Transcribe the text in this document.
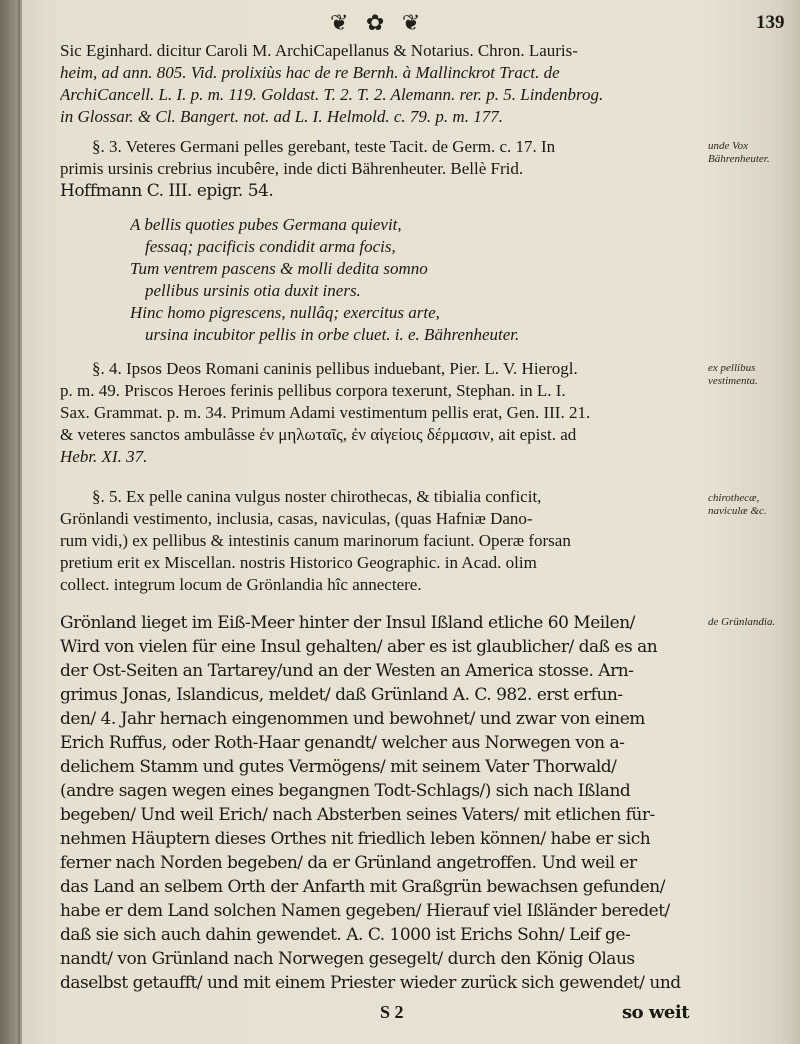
❦ ✿ ❦	139
Sic Eginhard. dicitur Caroli M. ArchiCapellanus & Notarius. Chron. Lauris-
heim, ad ann. 805. Vid. prolixiùs hac de re Bernh. à Mallinckrot Tract. de
ArchiCancell. L. I. p. m. 119. Goldast. T. 2. T. 2. Alemann. rer. p. 5. Lindenbrog.
in Glossar. & Cl. Bangert. not. ad L. I. Helmold. c. 79. p. m. 177.
§. 3. Veteres Germani pelles gerebant, teste Tacit. de Germ. c. 17. In
primis ursinis crebrius incubêre, inde dicti Bährenheuter. Bellè Frid.
Hoffmann C. III. epigr. 54.
A bellis quoties pubes Germana quievit,
fessaq; pacificis condidit arma focis,
Tum ventrem pascens & molli dedita somno
pellibus ursinis otia duxit iners.
Hinc homo pigrescens, nullâq; exercitus arte,
ursina incubitor pellis in orbe cluet. i. e. Bährenheuter.
§. 4. Ipsos Deos Romani caninis pellibus induebant, Pier. L. V. Hierogl.
p. m. 49. Priscos Heroes ferinis pellibus corpora texerunt, Stephan. in L. I.
Sax. Grammat. p. m. 34. Primum Adami vestimentum pellis erat, Gen. III. 21.
& veteres sanctos ambulâsse ἐν μηλωταῖς, ἐν αἰγείοις δέρμασιν, ait epist. ad
Hebr. XI. 37.
§. 5. Ex pelle canina vulgus noster chirothecas, & tibialia conficit,
Grönlandi vestimento, inclusia, casas, naviculas, (quas Hafniæ Dano-
rum vidi,) ex pellibus & intestinis canum marinorum faciunt. Operæ forsan
pretium erit ex Miscellan. nostris Historico Geographic. in Acad. olim
collect. integrum locum de Grönlandia hîc annectere.
Grönland lieget im Eiß-Meer hinter der Insul Ißland etliche 60 Meilen/
Wird von vielen für eine Insul gehalten/ aber es ist glaublicher/ daß es an
der Ost-Seiten an Tartarey/und an der Westen an America stosse. Arn-
grimus Jonas, Islandicus, meldet/ daß Grünland A. C. 982. erst erfun-
den/ 4. Jahr hernach eingenommen und bewohnet/ und zwar von einem
Erich Ruffus, oder Roth-Haar genandt/ welcher aus Norwegen von a-
delichem Stamm und gutes Vermögens/ mit seinem Vater Thorwald/
(andre sagen wegen eines begangnen Todt-Schlags/) sich nach Ißland
begeben/ Und weil Erich/ nach Absterben seines Vaters/ mit etlichen für-
nehmen Häuptern dieses Orthes nit friedlich leben können/ habe er sich
ferner nach Norden begeben/ da er Grünland angetroffen. Und weil er
das Land an selbem Orth der Anfarth mit Graßgrün bewachsen gefunden/
habe er dem Land solchen Namen gegeben/ Hierauf viel Ißländer beredet/
daß sie sich auch dahin gewendet. A. C. 1000 ist Erichs Sohn/ Leif ge-
nandt/ von Grünland nach Norwegen gesegelt/ durch den König Olaus
daselbst getaufft/ und mit einem Priester wieder zurück sich gewendet/ und
S 2	so weit
unde Vox Bährenheuter.
ex pellibus vestimenta.
chirothecæ, naviculæ &c.
de Grünlandia.
